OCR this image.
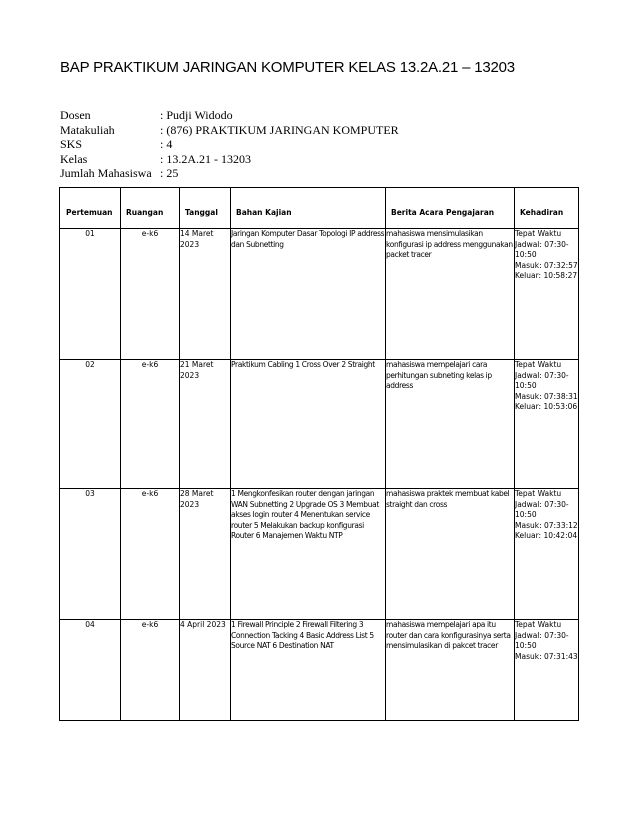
BAP PRAKTIKUM JARINGAN KOMPUTER KELAS 13.2A.21 – 13203
Dosen	: Pudji Widodo
Matakuliah	: (876) PRAKTIKUM JARINGAN KOMPUTER
SKS	: 4
Kelas	: 13.2A.21 - 13203
Jumlah Mahasiswa : 25
Pertemuan	Ruangan	Tanggal	Bahan Kajian	Berita Acara Pengajaran	Kehadiran
01	e-k6	14 Maret 2023	Jaringan Komputer Dasar Topologi IP address dan Subnetting	mahasiswa mensimulasikan konfigurasi ip address menggunakan packet tracer	Tepat Waktu
Jadwal: 07:30-10:50
Masuk: 07:32:57
Keluar: 10:58:27

02	e-k6	21 Maret 2023	Praktikum Cabling 1 Cross Over 2 Straight	mahasiswa mempelajari cara perhitungan subneting kelas ip address	Tepat Waktu
Jadwal: 07:30-10:50
Masuk: 07:38:31
Keluar: 10:53:06

03	e-k6	28 Maret 2023	1 Mengkonfesikan router dengan jaringan WAN Subnetting 2 Upgrade OS 3 Membuat akses login router 4 Menentukan service router 5 Melakukan backup konfigurasi Router 6 Manajemen Waktu NTP	mahasiswa praktek membuat kabel straight dan cross	Tepat Waktu
Jadwal: 07:30-10:50
Masuk: 07:33:12
Keluar: 10:42:04

04	e-k6	4 April 2023	1 Firewall Principle 2 Firewall Filtering 3 Connection Tacking 4 Basic Address List 5 Source NAT 6 Destination NAT	mahasiswa mempelajari apa itu router dan cara konfigurasinya serta mensimulasikan di pakcet tracer	Tepat Waktu
Jadwal: 07:30-10:50
Masuk: 07:31:43
